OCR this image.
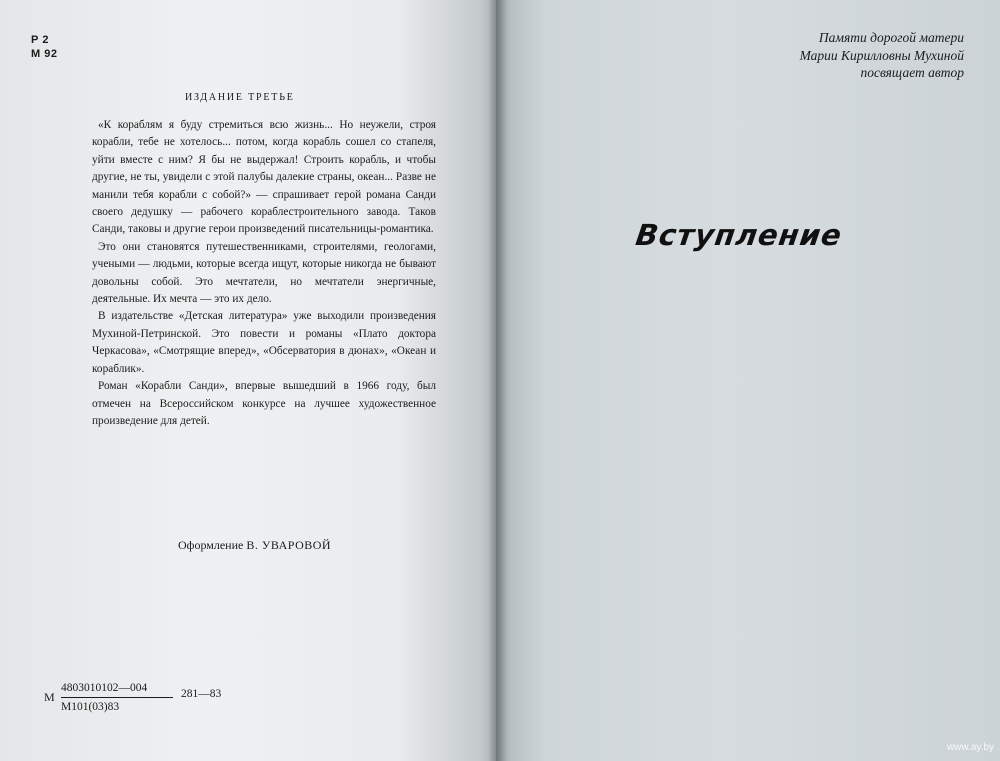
Р 2
М 92
ИЗДАНИЕ ТРЕТЬЕ

«К кораблям я буду стремиться всю жизнь... Но неужели, строя корабли, тебе не хотелось... потом, когда корабль сошел со стапеля, уйти вместе с ним? Я бы не выдержал! Строить корабль, и чтобы другие, не ты, увидели с этой палубы далекие страны, океан... Разве не манили тебя корабли с собой?» — спрашивает герой романа Санди своего дедушку — рабочего кораблестроительного завода. Таков Санди, таковы и другие герои произведений писательницы-романтика.

Это они становятся путешественниками, строителями, геологами, учеными — людьми, которые всегда ищут, которые никогда не бывают довольны собой. Это мечтатели, но мечтатели энергичные, деятельные. Их мечта — это их дело.

В издательстве «Детская литература» уже выходили произведения Мухиной-Петринской. Это повести и романы «Плато доктора Черкасова», «Смотрящие вперед», «Обсерватория в дюнах», «Океан и кораблик».

Роман «Корабли Санди», впервые вышедший в 1966 году, был отмечен на Всероссийском конкурсе на лучшее художественное произведение для детей.

Оформление В. УВАРОВОЙ
М
4803010102—004
М101(03)83
281—83
Памяти дорогой матери
Марии Кирилловны Мухиной
посвящает автор
Вступление
www.ay.by
